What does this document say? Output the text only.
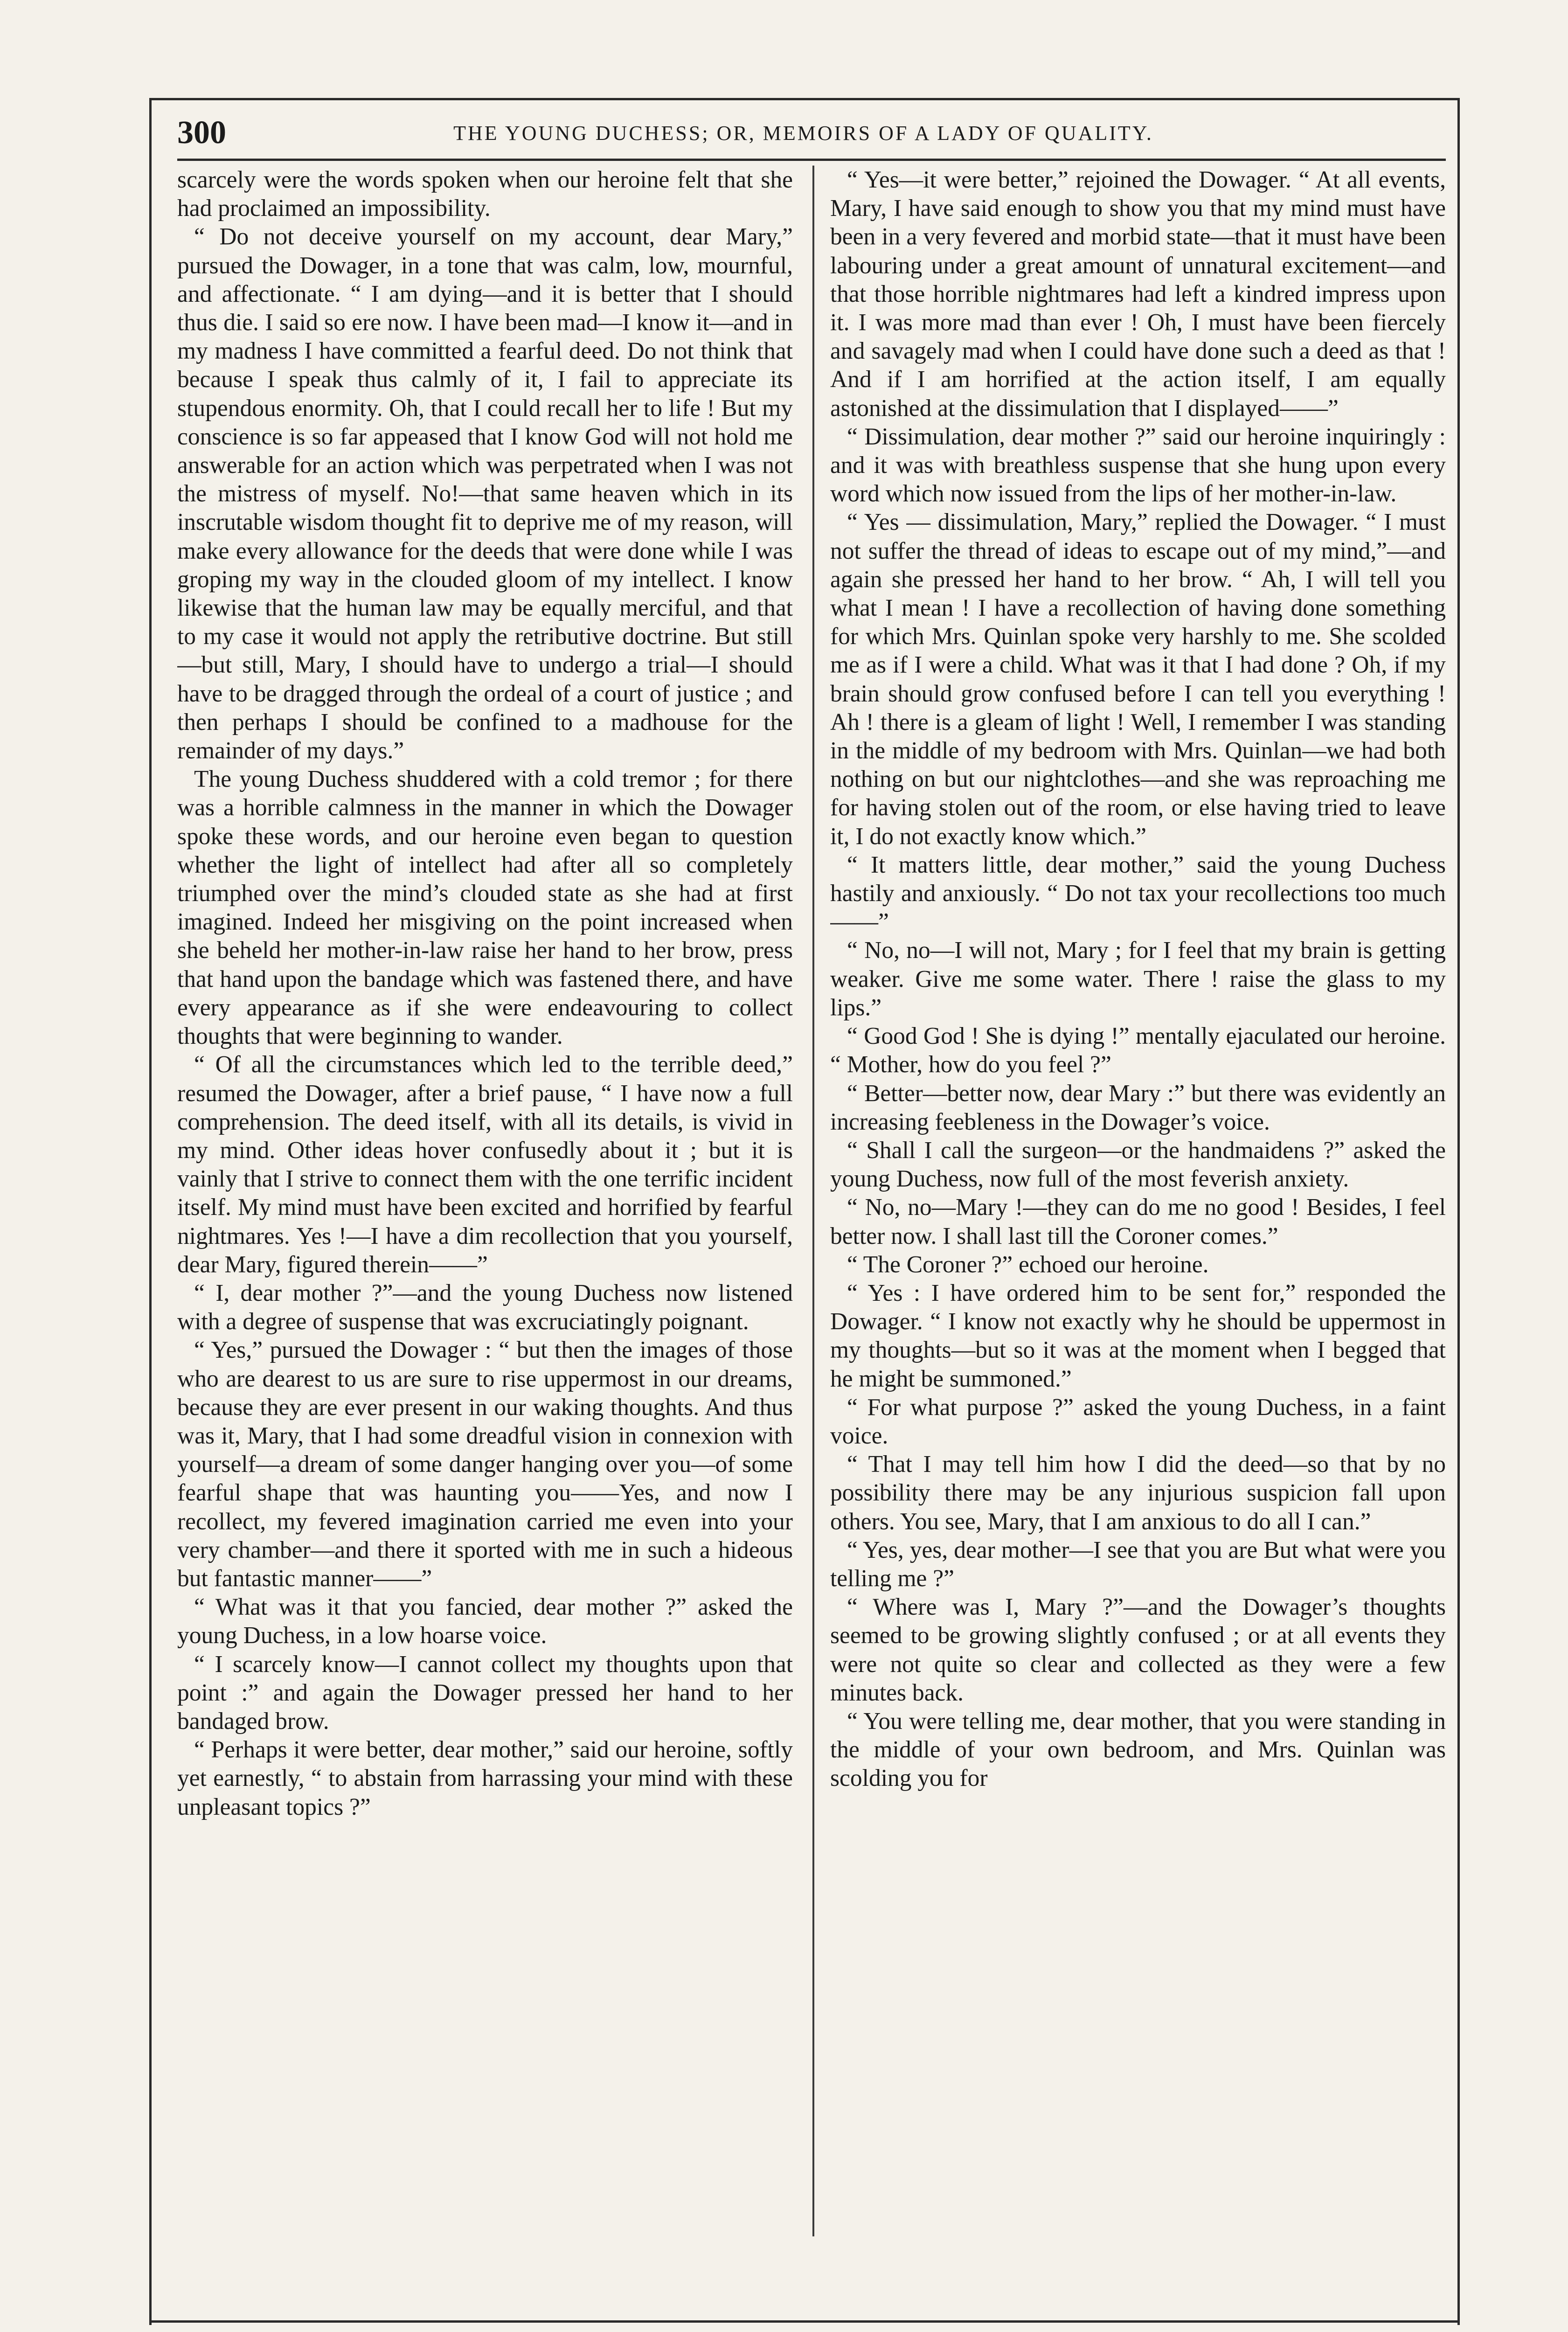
300	THE YOUNG DUCHESS; OR, MEMOIRS OF A LADY OF QUALITY.

scarcely were the words spoken when our heroine felt that she had proclaimed an impossibility.

“ Do not deceive yourself on my account, dear Mary,” pursued the Dowager, in a tone that was calm, low, mournful, and affectionate. “ I am dying—and it is better that I should thus die. I said so ere now. I have been mad—I know it—and in my madness I have committed a fearful deed. Do not think that because I speak thus calmly of it, I fail to appreciate its stupendous enormity. Oh, that I could recall her to life ! But my conscience is so far appeased that I know God will not hold me answerable for an action which was perpetrated when I was not the mistress of myself. No!—that same heaven which in its inscrutable wisdom thought fit to deprive me of my reason, will make every allowance for the deeds that were done while I was groping my way in the clouded gloom of my intellect. I know likewise that the human law may be equally merciful, and that to my case it would not apply the retributive doctrine. But still—but still, Mary, I should have to undergo a trial—I should have to be dragged through the ordeal of a court of justice ; and then perhaps I should be confined to a madhouse for the remainder of my days.”

The young Duchess shuddered with a cold tremor ; for there was a horrible calmness in the manner in which the Dowager spoke these words, and our heroine even began to question whether the light of intellect had after all so completely triumphed over the mind’s clouded state as she had at first imagined. Indeed her misgiving on the point increased when she beheld her mother-in-law raise her hand to her brow, press that hand upon the bandage which was fastened there, and have every appearance as if she were endeavouring to collect thoughts that were beginning to wander.

“ Of all the circumstances which led to the terrible deed,” resumed the Dowager, after a brief pause, “ I have now a full comprehension. The deed itself, with all its details, is vivid in my mind. Other ideas hover confusedly about it ; but it is vainly that I strive to connect them with the one terrific incident itself. My mind must have been excited and horrified by fearful nightmares. Yes !—I have a dim recollection that you yourself, dear Mary, figured therein——”

“ I, dear mother ?”—and the young Duchess now listened with a degree of suspense that was excruciatingly poignant.

“ Yes,” pursued the Dowager : “ but then the images of those who are dearest to us are sure to rise uppermost in our dreams, because they are ever present in our waking thoughts. And thus was it, Mary, that I had some dreadful vision in connexion with yourself—a dream of some danger hanging over you—of some fearful shape that was haunting you——Yes, and now I recollect, my fevered imagination carried me even into your very chamber—and there it sported with me in such a hideous but fantastic manner——”

“ What was it that you fancied, dear mother ?” asked the young Duchess, in a low hoarse voice.

“ I scarcely know—I cannot collect my thoughts upon that point :” and again the Dowager pressed her hand to her bandaged brow.

“ Perhaps it were better, dear mother,” said our heroine, softly yet earnestly, “ to abstain from harrassing your mind with these unpleasant topics ?”

“ Yes—it were better,” rejoined the Dowager. “ At all events, Mary, I have said enough to show you that my mind must have been in a very fevered and morbid state—that it must have been labouring under a great amount of unnatural excitement—and that those horrible nightmares had left a kindred impress upon it. I was more mad than ever ! Oh, I must have been fiercely and savagely mad when I could have done such a deed as that ! And if I am horrified at the action itself, I am equally astonished at the dissimulation that I displayed——”

“ Dissimulation, dear mother ?” said our heroine inquiringly : and it was with breathless suspense that she hung upon every word which now issued from the lips of her mother-in-law.

“ Yes — dissimulation, Mary,” replied the Dowager. “ I must not suffer the thread of ideas to escape out of my mind,”—and again she pressed her hand to her brow. “ Ah, I will tell you what I mean ! I have a recollection of having done something for which Mrs. Quinlan spoke very harshly to me. She scolded me as if I were a child. What was it that I had done ? Oh, if my brain should grow confused before I can tell you everything ! Ah ! there is a gleam of light ! Well, I remember I was standing in the middle of my bedroom with Mrs. Quinlan—we had both nothing on but our nightclothes—and she was reproaching me for having stolen out of the room, or else having tried to leave it, I do not exactly know which.”

“ It matters little, dear mother,” said the young Duchess hastily and anxiously. “ Do not tax your recollections too much——”

“ No, no—I will not, Mary ; for I feel that my brain is getting weaker. Give me some water. There ! raise the glass to my lips.”

“ Good God ! She is dying !” mentally ejaculated our heroine. “ Mother, how do you feel ?”

“ Better—better now, dear Mary :” but there was evidently an increasing feebleness in the Dowager’s voice.

“ Shall I call the surgeon—or the handmaidens ?” asked the young Duchess, now full of the most feverish anxiety.

“ No, no—Mary !—they can do me no good ! Besides, I feel better now. I shall last till the Coroner comes.”

“ The Coroner ?” echoed our heroine.

“ Yes : I have ordered him to be sent for,” responded the Dowager. “ I know not exactly why he should be uppermost in my thoughts—but so it was at the moment when I begged that he might be summoned.”

“ For what purpose ?” asked the young Duchess, in a faint voice.

“ That I may tell him how I did the deed—so that by no possibility there may be any injurious suspicion fall upon others. You see, Mary, that I am anxious to do all I can.”

“ Yes, yes, dear mother—I see that you are But what were you telling me ?”

“ Where was I, Mary ?”—and the Dowager’s thoughts seemed to be growing slightly confused ; or at all events they were not quite so clear and collected as they were a few minutes back.

“ You were telling me, dear mother, that you were standing in the middle of your own bedroom, and Mrs. Quinlan was scolding you for
